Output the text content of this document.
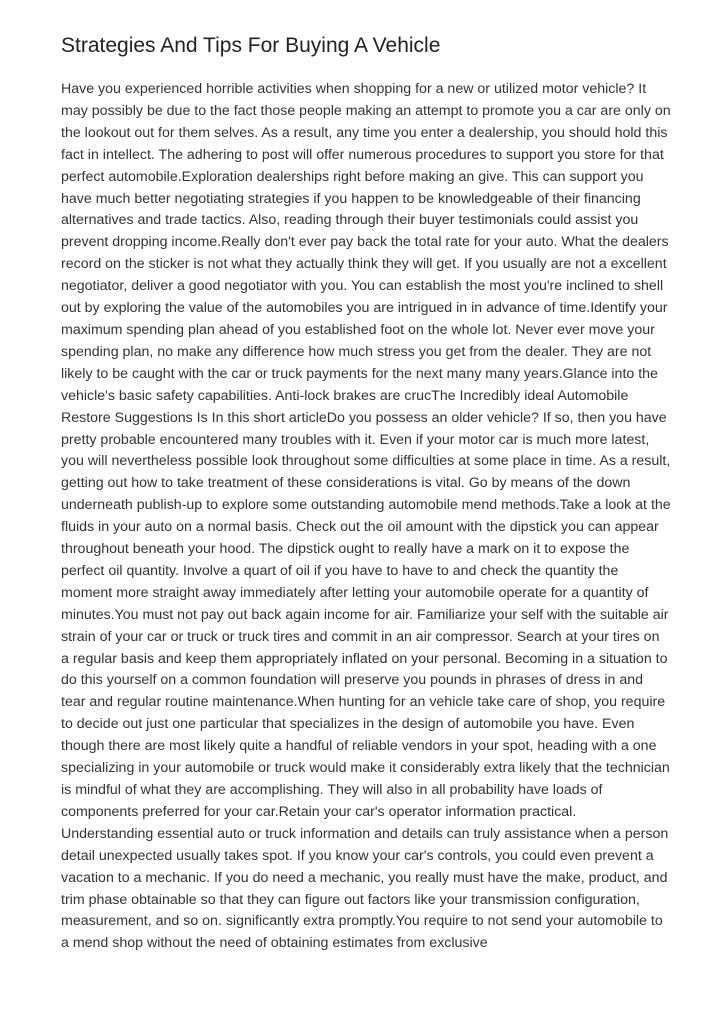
Strategies And Tips For Buying A Vehicle

Have you experienced horrible activities when shopping for a new or utilized motor vehicle? It may possibly be due to the fact those people making an attempt to promote you a car are only on the lookout out for them selves. As a result, any time you enter a dealership, you should hold this fact in intellect. The adhering to post will offer numerous procedures to support you store for that perfect automobile.Exploration dealerships right before making an give. This can support you have much better negotiating strategies if you happen to be knowledgeable of their financing alternatives and trade tactics. Also, reading through their buyer testimonials could assist you prevent dropping income.Really don't ever pay back the total rate for your auto. What the dealers record on the sticker is not what they actually think they will get. If you usually are not a excellent negotiator, deliver a good negotiator with you. You can establish the most you're inclined to shell out by exploring the value of the automobiles you are intrigued in in advance of time.Identify your maximum spending plan ahead of you established foot on the whole lot. Never ever move your spending plan, no make any difference how much stress you get from the dealer. They are not likely to be caught with the car or truck payments for the next many many years.Glance into the vehicle's basic safety capabilities. Anti-lock brakes are crucThe Incredibly ideal Automobile Restore Suggestions Is In this short articleDo you possess an older vehicle? If so, then you have pretty probable encountered many troubles with it. Even if your motor car is much more latest, you will nevertheless possible look throughout some difficulties at some place in time. As a result, getting out how to take treatment of these considerations is vital. Go by means of the down underneath publish-up to explore some outstanding automobile mend methods.Take a look at the fluids in your auto on a normal basis. Check out the oil amount with the dipstick you can appear throughout beneath your hood. The dipstick ought to really have a mark on it to expose the perfect oil quantity. Involve a quart of oil if you have to have to and check the quantity the moment more straight away immediately after letting your automobile operate for a quantity of minutes.You must not pay out back again income for air. Familiarize your self with the suitable air strain of your car or truck or truck tires and commit in an air compressor. Search at your tires on a regular basis and keep them appropriately inflated on your personal. Becoming in a situation to do this yourself on a common foundation will preserve you pounds in phrases of dress in and tear and regular routine maintenance.When hunting for an vehicle take care of shop, you require to decide out just one particular that specializes in the design of automobile you have. Even though there are most likely quite a handful of reliable vendors in your spot, heading with a one specializing in your automobile or truck would make it considerably extra likely that the technician is mindful of what they are accomplishing. They will also in all probability have loads of components preferred for your car.Retain your car's operator information practical. Understanding essential auto or truck information and details can truly assistance when a person detail unexpected usually takes spot. If you know your car's controls, you could even prevent a vacation to a mechanic. If you do need a mechanic, you really must have the make, product, and trim phase obtainable so that they can figure out factors like your transmission configuration, measurement, and so on. significantly extra promptly.You require to not send your automobile to a mend shop without the need of obtaining estimates from exclusive
